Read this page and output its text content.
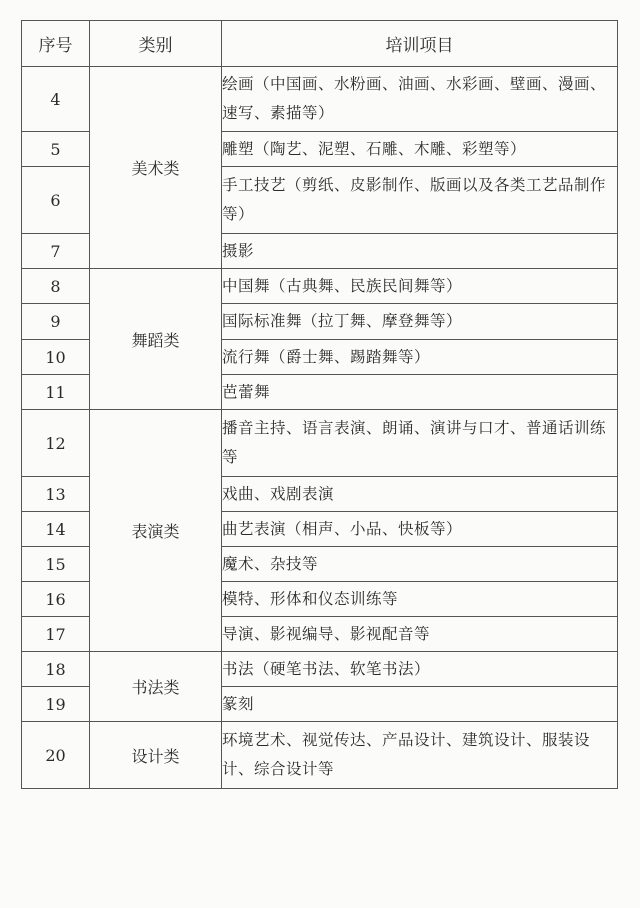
序号	类别	培训项目
4	美术类	绘画（中国画、水粉画、油画、水彩画、壁画、漫画、速写、素描等）
5		雕塑（陶艺、泥塑、石雕、木雕、彩塑等）
6		手工技艺（剪纸、皮影制作、版画以及各类工艺品制作等）
7		摄影
8	舞蹈类	中国舞（古典舞、民族民间舞等）
9		国际标准舞（拉丁舞、摩登舞等）
10		流行舞（爵士舞、踢踏舞等）
11		芭蕾舞
12	表演类	播音主持、语言表演、朗诵、演讲与口才、普通话训练等
13		戏曲、戏剧表演
14		曲艺表演（相声、小品、快板等）
15		魔术、杂技等
16		模特、形体和仪态训练等
17		导演、影视编导、影视配音等
18	书法类	书法（硬笔书法、软笔书法）
19		篆刻
20	设计类	环境艺术、视觉传达、产品设计、建筑设计、服装设计、综合设计等
